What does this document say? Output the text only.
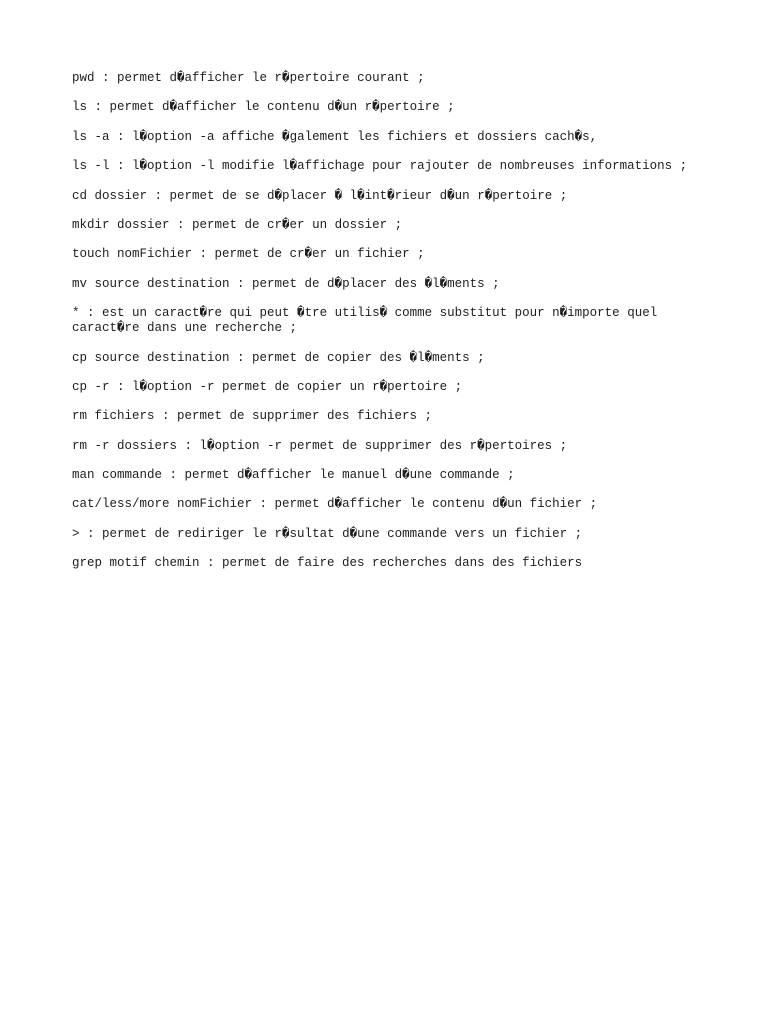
pwd : permet d�afficher le r�pertoire courant ;

ls : permet d�afficher le contenu d�un r�pertoire ;

ls -a : l�option -a affiche �galement les fichiers et dossiers cach�s,

ls -l : l�option -l modifie l�affichage pour rajouter de nombreuses informations ;

cd dossier : permet de se d�placer � l�int�rieur d�un r�pertoire ;

mkdir dossier : permet de cr�er un dossier ;

touch nomFichier : permet de cr�er un fichier ;

mv source destination : permet de d�placer des �l�ments ;

* : est un caract�re qui peut �tre utilis� comme substitut pour n�importe quel
caract�re dans une recherche ;

cp source destination : permet de copier des �l�ments ;

cp -r : l�option -r permet de copier un r�pertoire ;

rm fichiers : permet de supprimer des fichiers ;

rm -r dossiers : l�option -r permet de supprimer des r�pertoires ;

man commande : permet d�afficher le manuel d�une commande ;

cat/less/more nomFichier : permet d�afficher le contenu d�un fichier ;

> : permet de rediriger le r�sultat d�une commande vers un fichier ;

grep motif chemin : permet de faire des recherches dans des fichiers
